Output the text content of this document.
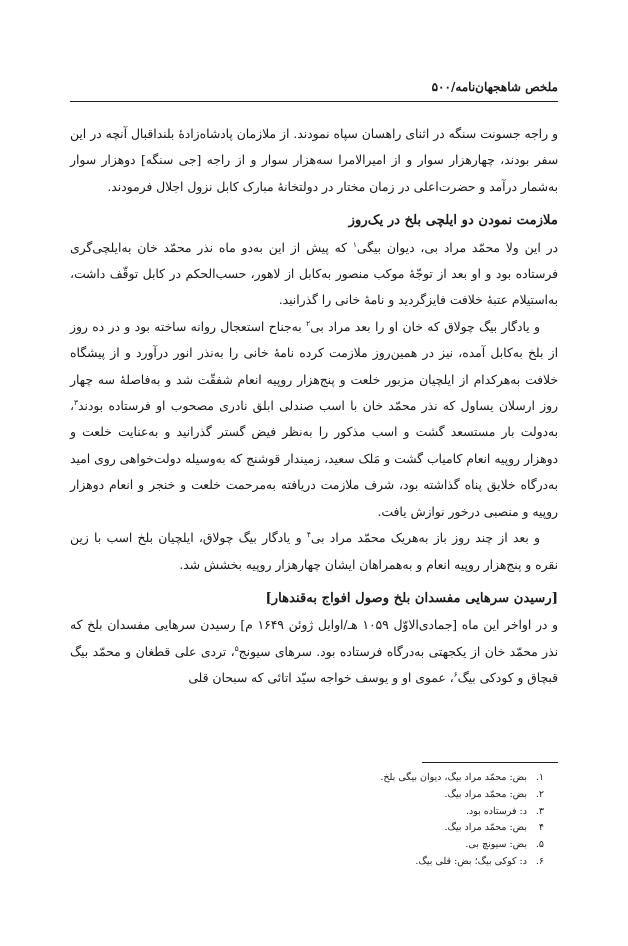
ملخص شاهجهان‌نامه/۵۰۰

و راجه جسونت سنگه در اثنای راهسان سپاه نمودند. از ملازمان پادشاه‌زادهٔ بلنداقبال آنچه در این سفر بودند، چهارهزار سوار و از امیرالامرا سه‌هزار سوار و از راجه [جی سنگه] دوهزار سوار به‌شمار درآمد و حضرت‌اعلی در زمان مختار در دولتخانهٔ مبارک کابل نزول اجلال فرمودند.

ملازمت نمودن دو ایلچی بلخ در یک‌روز

در این ولا محمّد مراد بی، دیوان بیگی$^۱$ که پیش از این به‌دو ماه نذر محمّد خان به‌ایلچی‌گری فرستاده بود و او بعد از توجّهٔ موکب منصور به‌کابل از لاهور، حسب‌الحکم در کابل توقّف داشت، به‌استیلام عتبهٔ خلافت فایزگردید و نامهٔ خانی را گذرانید.

و یادگار بیگ چولاق که خان او را بعد مراد بی$^۲$ به‌جناح استعجال روانه ساخته بود و در ده روز از بلخ به‌کابل آمده، نیز در همین‌روز ملازمت کرده نامهٔ خانی را به‌نذر انور درآورد و از پیشگاه خلافت به‌هرکدام از ایلچیان مزبور خلعت و پنج‌هزار روپیه انعام شفقّت شد و به‌فاصلهٔ سه چهار روز ارسلان یساول که نذر محمّد خان با اسب صندلی ابلق نادری مصحوب او فرستاده بودند$^۳$، به‌دولت بار مستسعد گشت و اسب مذکور را به‌نظر فیض گستر گذرانید و به‌عنایت خلعت و دوهزار روپیه انعام کامیاب گشت و مَلک سعید، زمیندار قوشنج که به‌وسیله دولت‌خواهی روی امید به‌درگاه خلایق پناه گذاشته بود، شرف ملازمت دریافته به‌مرحمت خلعت و خنجر و انعام دوهزار روپیه و منصبی درخور نوازش یافت.

و بعد از چند روز باز به‌هریک محمّد مراد بی$^۴$ و یادگار بیگ چولاق، ایلچیان بلخ اسب با زین نقره و پنج‌هزار روپیه انعام و به‌همراهان ایشان چهارهزار روپیه بخشش شد.

[رسیدن سرهایی مفسدان بلخ وصول افواج به‌قندهار]

و در اواخر این ماه [جمادی‌الاوّل ۱۰۵۹ هـ/اوایل ژوئن ۱۶۴۹ م] رسیدن سرهایی مفسدان بلخ که نذر محمّد خان از یکجهتی به‌درگاه فرستاده بود. سرهای سیونج$^۵$، تردی علی قطغان و محمّد بیگ قبچاق و کودکی بیگ$^۶$، عموی او و یوسف خواجه سیّد اتائی که سبحان قلی

۱. بض: محمّد مراد بیگ، دیوان بیگی بلخ.
۲. بض: محمّد مراد بیگ.
۳. د: فرستاده بود.
۴ بض: محمّد مراد بیگ.
۵. بض: سیونچ بی.
۶. د: کوکی بیگ؛ بض: قلی بیگ.
